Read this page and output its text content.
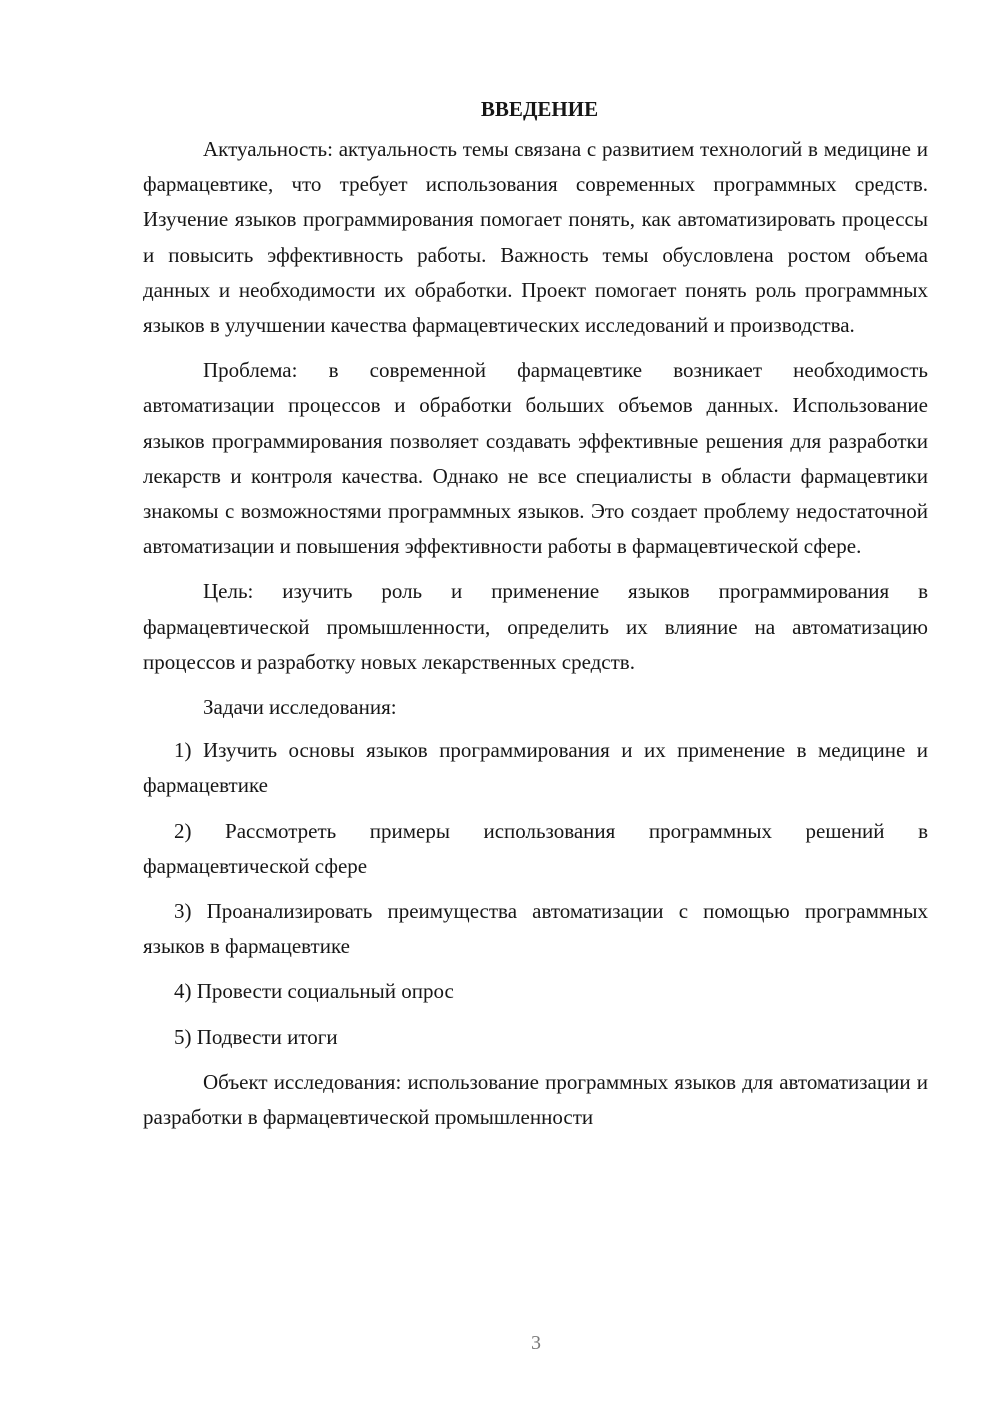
ВВЕДЕНИЕ

Актуальность: актуальность темы связана с развитием технологий в медицине и фармацевтике, что требует использования современных программных средств. Изучение языков программирования помогает понять, как автоматизировать процессы и повысить эффективность работы. Важность темы обусловлена ростом объема данных и необходимости их обработки. Проект помогает понять роль программных языков в улучшении качества фармацевтических исследований и производства.

Проблема: в современной фармацевтике возникает необходимость автоматизации процессов и обработки больших объемов данных. Использование языков программирования позволяет создавать эффективные решения для разработки лекарств и контроля качества. Однако не все специалисты в области фармацевтики знакомы с возможностями программных языков. Это создает проблему недостаточной автоматизации и повышения эффективности работы в фармацевтической сфере.

Цель: изучить роль и применение языков программирования в фармацевтической промышленности, определить их влияние на автоматизацию процессов и разработку новых лекарственных средств.

Задачи исследования:

1) Изучить основы языков программирования и их применение в медицине и фармацевтике

2) Рассмотреть примеры использования программных решений в фармацевтической сфере

3) Проанализировать преимущества автоматизации с помощью программных языков в фармацевтике

4) Провести социальный опрос

5) Подвести итоги

Объект исследования: использование программных языков для автоматизации и разработки в фармацевтической промышленности

3
